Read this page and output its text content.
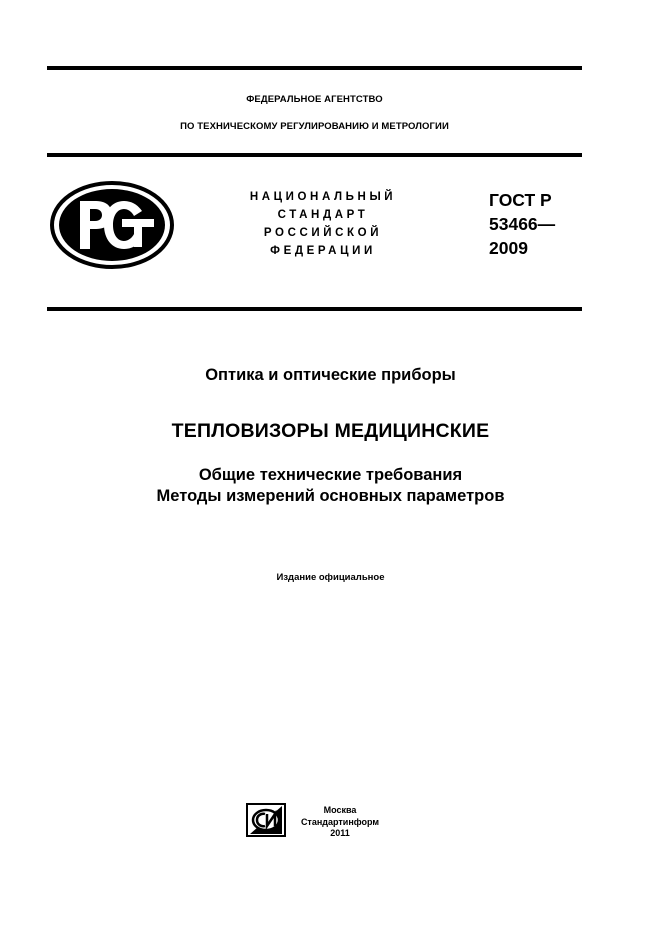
ФЕДЕРАЛЬНОЕ АГЕНТСТВО
ПО ТЕХНИЧЕСКОМУ РЕГУЛИРОВАНИЮ И МЕТРОЛОГИИ
НАЦИОНАЛЬНЫЙ
СТАНДАРТ
РОССИЙСКОЙ
ФЕДЕРАЦИИ
ГОСТ Р
53466—
2009
Оптика и оптические приборы
ТЕПЛОВИЗОРЫ МЕДИЦИНСКИЕ
Общие технические требования
Методы измерений основных параметров
Издание официальное
Москва
Стандартинформ
2011
